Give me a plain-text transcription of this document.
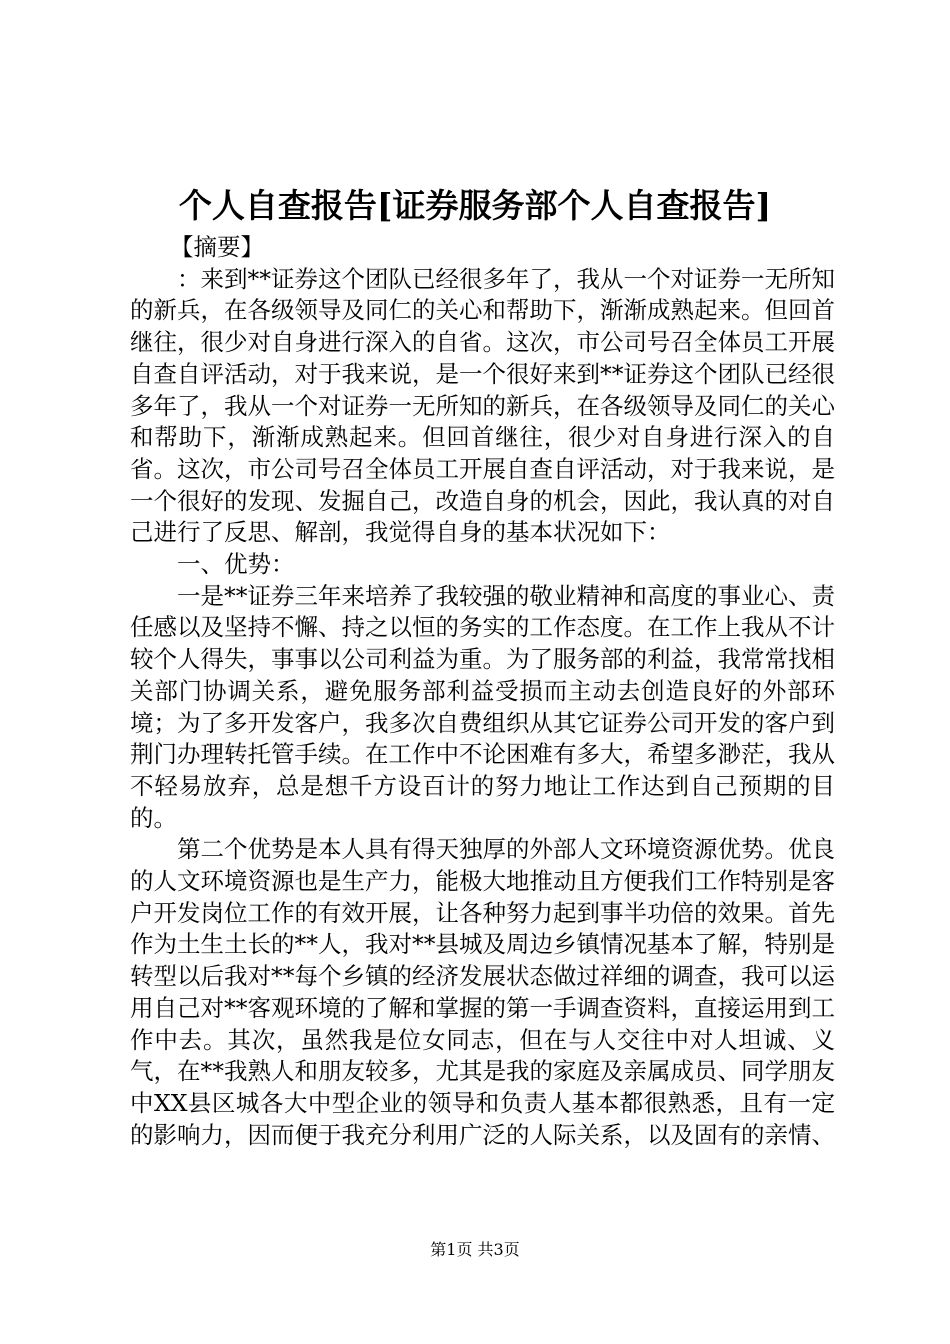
个人自查报告[证券服务部个人自查报告]

【摘要】

：来到**证券这个团队已经很多年了，我从一个对证券一无所知的新兵，在各级领导及同仁的关心和帮助下，渐渐成熟起来。但回首继往，很少对自身进行深入的自省。这次，市公司号召全体员工开展自查自评活动，对于我来说，是一个很好来到**证券这个团队已经很多年了，我从一个对证券一无所知的新兵，在各级领导及同仁的关心和帮助下，渐渐成熟起来。但回首继往，很少对自身进行深入的自省。这次，市公司号召全体员工开展自查自评活动，对于我来说，是一个很好的发现、发掘自己，改造自身的机会，因此，我认真的对自己进行了反思、解剖，我觉得自身的基本状况如下：

一、优势：

一是**证券三年来培养了我较强的敬业精神和高度的事业心、责任感以及坚持不懈、持之以恒的务实的工作态度。在工作上我从不计较个人得失，事事以公司利益为重。为了服务部的利益，我常常找相关部门协调关系，避免服务部利益受损而主动去创造良好的外部环境；为了多开发客户，我多次自费组织从其它证券公司开发的客户到荆门办理转托管手续。在工作中不论困难有多大，希望多渺茫，我从不轻易放弃，总是想千方设百计的努力地让工作达到自己预期的目的。

第二个优势是本人具有得天独厚的外部人文环境资源优势。优良的人文环境资源也是生产力，能极大地推动且方便我们工作特别是客户开发岗位工作的有效开展，让各种努力起到事半功倍的效果。首先作为土生土长的**人，我对**县城及周边乡镇情况基本了解，特别是转型以后我对**每个乡镇的经济发展状态做过祥细的调查，我可以运用自己对**客观环境的了解和掌握的第一手调查资料，直接运用到工作中去。其次，虽然我是位女同志，但在与人交往中对人坦诚、义气，在**我熟人和朋友较多，尤其是我的家庭及亲属成员、同学朋友中XX县区城各大中型企业的领导和负责人基本都很熟悉，且有一定的影响力，因而便于我充分利用广泛的人际关系，以及固有的亲情、

第1页 共3页
